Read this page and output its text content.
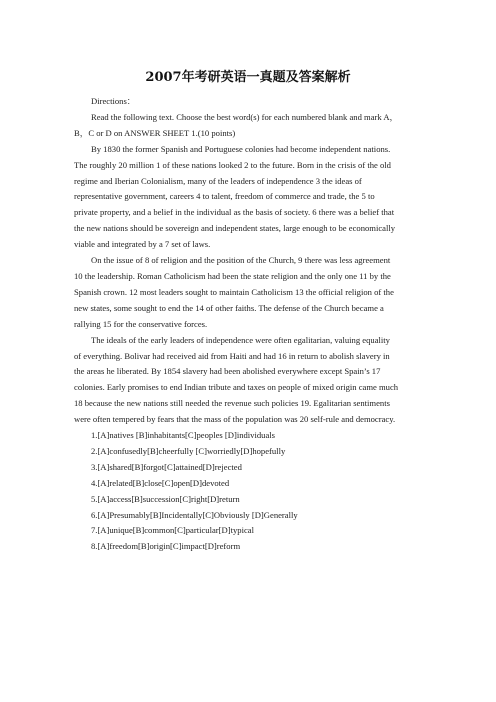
2007年考研英语一真题及答案解析

Directions：

Read the following text. Choose the best word(s) for each numbered blank and mark A，
B，C or D on ANSWER SHEET 1.(10 points)

By 1830 the former Spanish and Portuguese colonies had become independent nations.
The roughly 20 million 1 of these nations looked 2 to the future. Born in the crisis of the old
regime and Iberian Colonialism, many of the leaders of independence 3 the ideas of
representative government, careers 4 to talent, freedom of commerce and trade, the 5 to
private property, and a belief in the individual as the basis of society. 6 there was a belief that
the new nations should be sovereign and independent states, large enough to be economically
viable and integrated by a 7 set of laws.

On the issue of 8 of religion and the position of the Church, 9 there was less agreement
10 the leadership. Roman Catholicism had been the state religion and the only one 11 by the
Spanish crown. 12 most leaders sought to maintain Catholicism 13 the official religion of the
new states, some sought to end the 14 of other faiths. The defense of the Church became a
rallying 15 for the conservative forces.

The ideals of the early leaders of independence were often egalitarian, valuing equality
of everything. Bolivar had received aid from Haiti and had 16 in return to abolish slavery in
the areas he liberated. By 1854 slavery had been abolished everywhere except Spain’s 17
colonies. Early promises to end Indian tribute and taxes on people of mixed origin came much
18 because the new nations still needed the revenue such policies 19. Egalitarian sentiments
were often tempered by fears that the mass of the population was 20 self-rule and democracy.

1.[A]natives [B]inhabitants[C]peoples [D]individuals
2.[A]confusedly[B]cheerfully [C]worriedly[D]hopefully
3.[A]shared[B]forgot[C]attained[D]rejected
4.[A]related[B]close[C]open[D]devoted
5.[A]access[B]succession[C]right[D]return
6.[A]Presumably[B]Incidentally[C]Obviously [D]Generally
7.[A]unique[B]common[C]particular[D]typical
8.[A]freedom[B]origin[C]impact[D]reform
